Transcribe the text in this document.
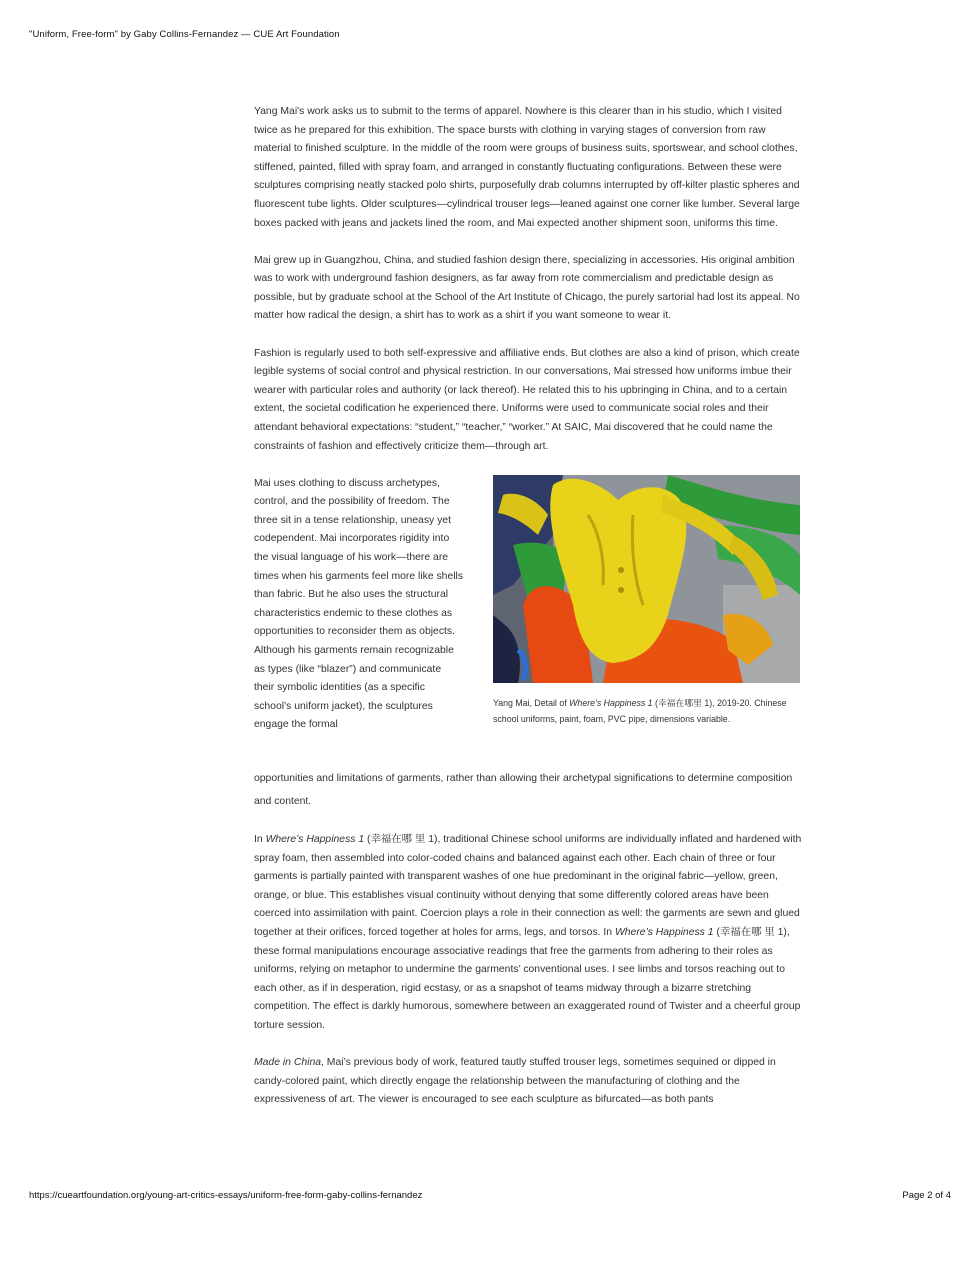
"Uniform, Free-form" by Gaby Collins-Fernandez — CUE Art Foundation

Yang Mai's work asks us to submit to the terms of apparel. Nowhere is this clearer than in his studio, which I visited twice as he prepared for this exhibition. The space bursts with clothing in varying stages of conversion from raw material to finished sculpture. In the middle of the room were groups of business suits, sportswear, and school clothes, stiffened, painted, filled with spray foam, and arranged in constantly fluctuating configurations. Between these were sculptures comprising neatly stacked polo shirts, purposefully drab columns interrupted by off-kilter plastic spheres and fluorescent tube lights. Older sculptures—cylindrical trouser legs—leaned against one corner like lumber. Several large boxes packed with jeans and jackets lined the room, and Mai expected another shipment soon, uniforms this time.

Mai grew up in Guangzhou, China, and studied fashion design there, specializing in accessories. His original ambition was to work with underground fashion designers, as far away from rote commercialism and predictable design as possible, but by graduate school at the School of the Art Institute of Chicago, the purely sartorial had lost its appeal. No matter how radical the design, a shirt has to work as a shirt if you want someone to wear it.

Fashion is regularly used to both self-expressive and affiliative ends. But clothes are also a kind of prison, which create legible systems of social control and physical restriction. In our conversations, Mai stressed how uniforms imbue their wearer with particular roles and authority (or lack thereof). He related this to his upbringing in China, and to a certain extent, the societal codification he experienced there. Uniforms were used to communicate social roles and their attendant behavioral expectations: “student,” “teacher,” “worker.” At SAIC, Mai discovered that he could name the constraints of fashion and effectively criticize them—through art.

Mai uses clothing to discuss archetypes, control, and the possibility of freedom. The three sit in a tense relationship, uneasy yet codependent. Mai incorporates rigidity into the visual language of his work—there are times when his garments feel more like shells than fabric. But he also uses the structural characteristics endemic to these clothes as opportunities to reconsider them as objects. Although his garments remain recognizable as types (like “blazer”) and communicate their symbolic identities (as a specific school’s uniform jacket), the sculptures engage the formal

Yang Mai, Detail of Where’s Happiness 1 (幸福在哪里 1), 2019-20. Chinese school uniforms, paint, foam, PVC pipe, dimensions variable.

opportunities and limitations of garments, rather than allowing their archetypal significations to determine composition and content.

In Where’s Happiness 1 (幸福在哪 里 1), traditional Chinese school uniforms are individually inflated and hardened with spray foam, then assembled into color-coded chains and balanced against each other. Each chain of three or four garments is partially painted with transparent washes of one hue predominant in the original fabric—yellow, green, orange, or blue. This establishes visual continuity without denying that some differently colored areas have been coerced into assimilation with paint. Coercion plays a role in their connection as well: the garments are sewn and glued together at their orifices, forced together at holes for arms, legs, and torsos. In Where’s Happiness 1 (幸福在哪 里 1), these formal manipulations encourage associative readings that free the garments from adhering to their roles as uniforms, relying on metaphor to undermine the garments’ conventional uses. I see limbs and torsos reaching out to each other, as if in desperation, rigid ecstasy, or as a snapshot of teams midway through a bizarre stretching competition. The effect is darkly humorous, somewhere between an exaggerated round of Twister and a cheerful group torture session.

Made in China, Mai’s previous body of work, featured tautly stuffed trouser legs, sometimes sequined or dipped in candy-colored paint, which directly engage the relationship between the manufacturing of clothing and the expressiveness of art. The viewer is encouraged to see each sculpture as bifurcated—as both pants

https://cueartfoundation.org/young-art-critics-essays/uniform-free-form-gaby-collins-fernandez	Page 2 of 4
